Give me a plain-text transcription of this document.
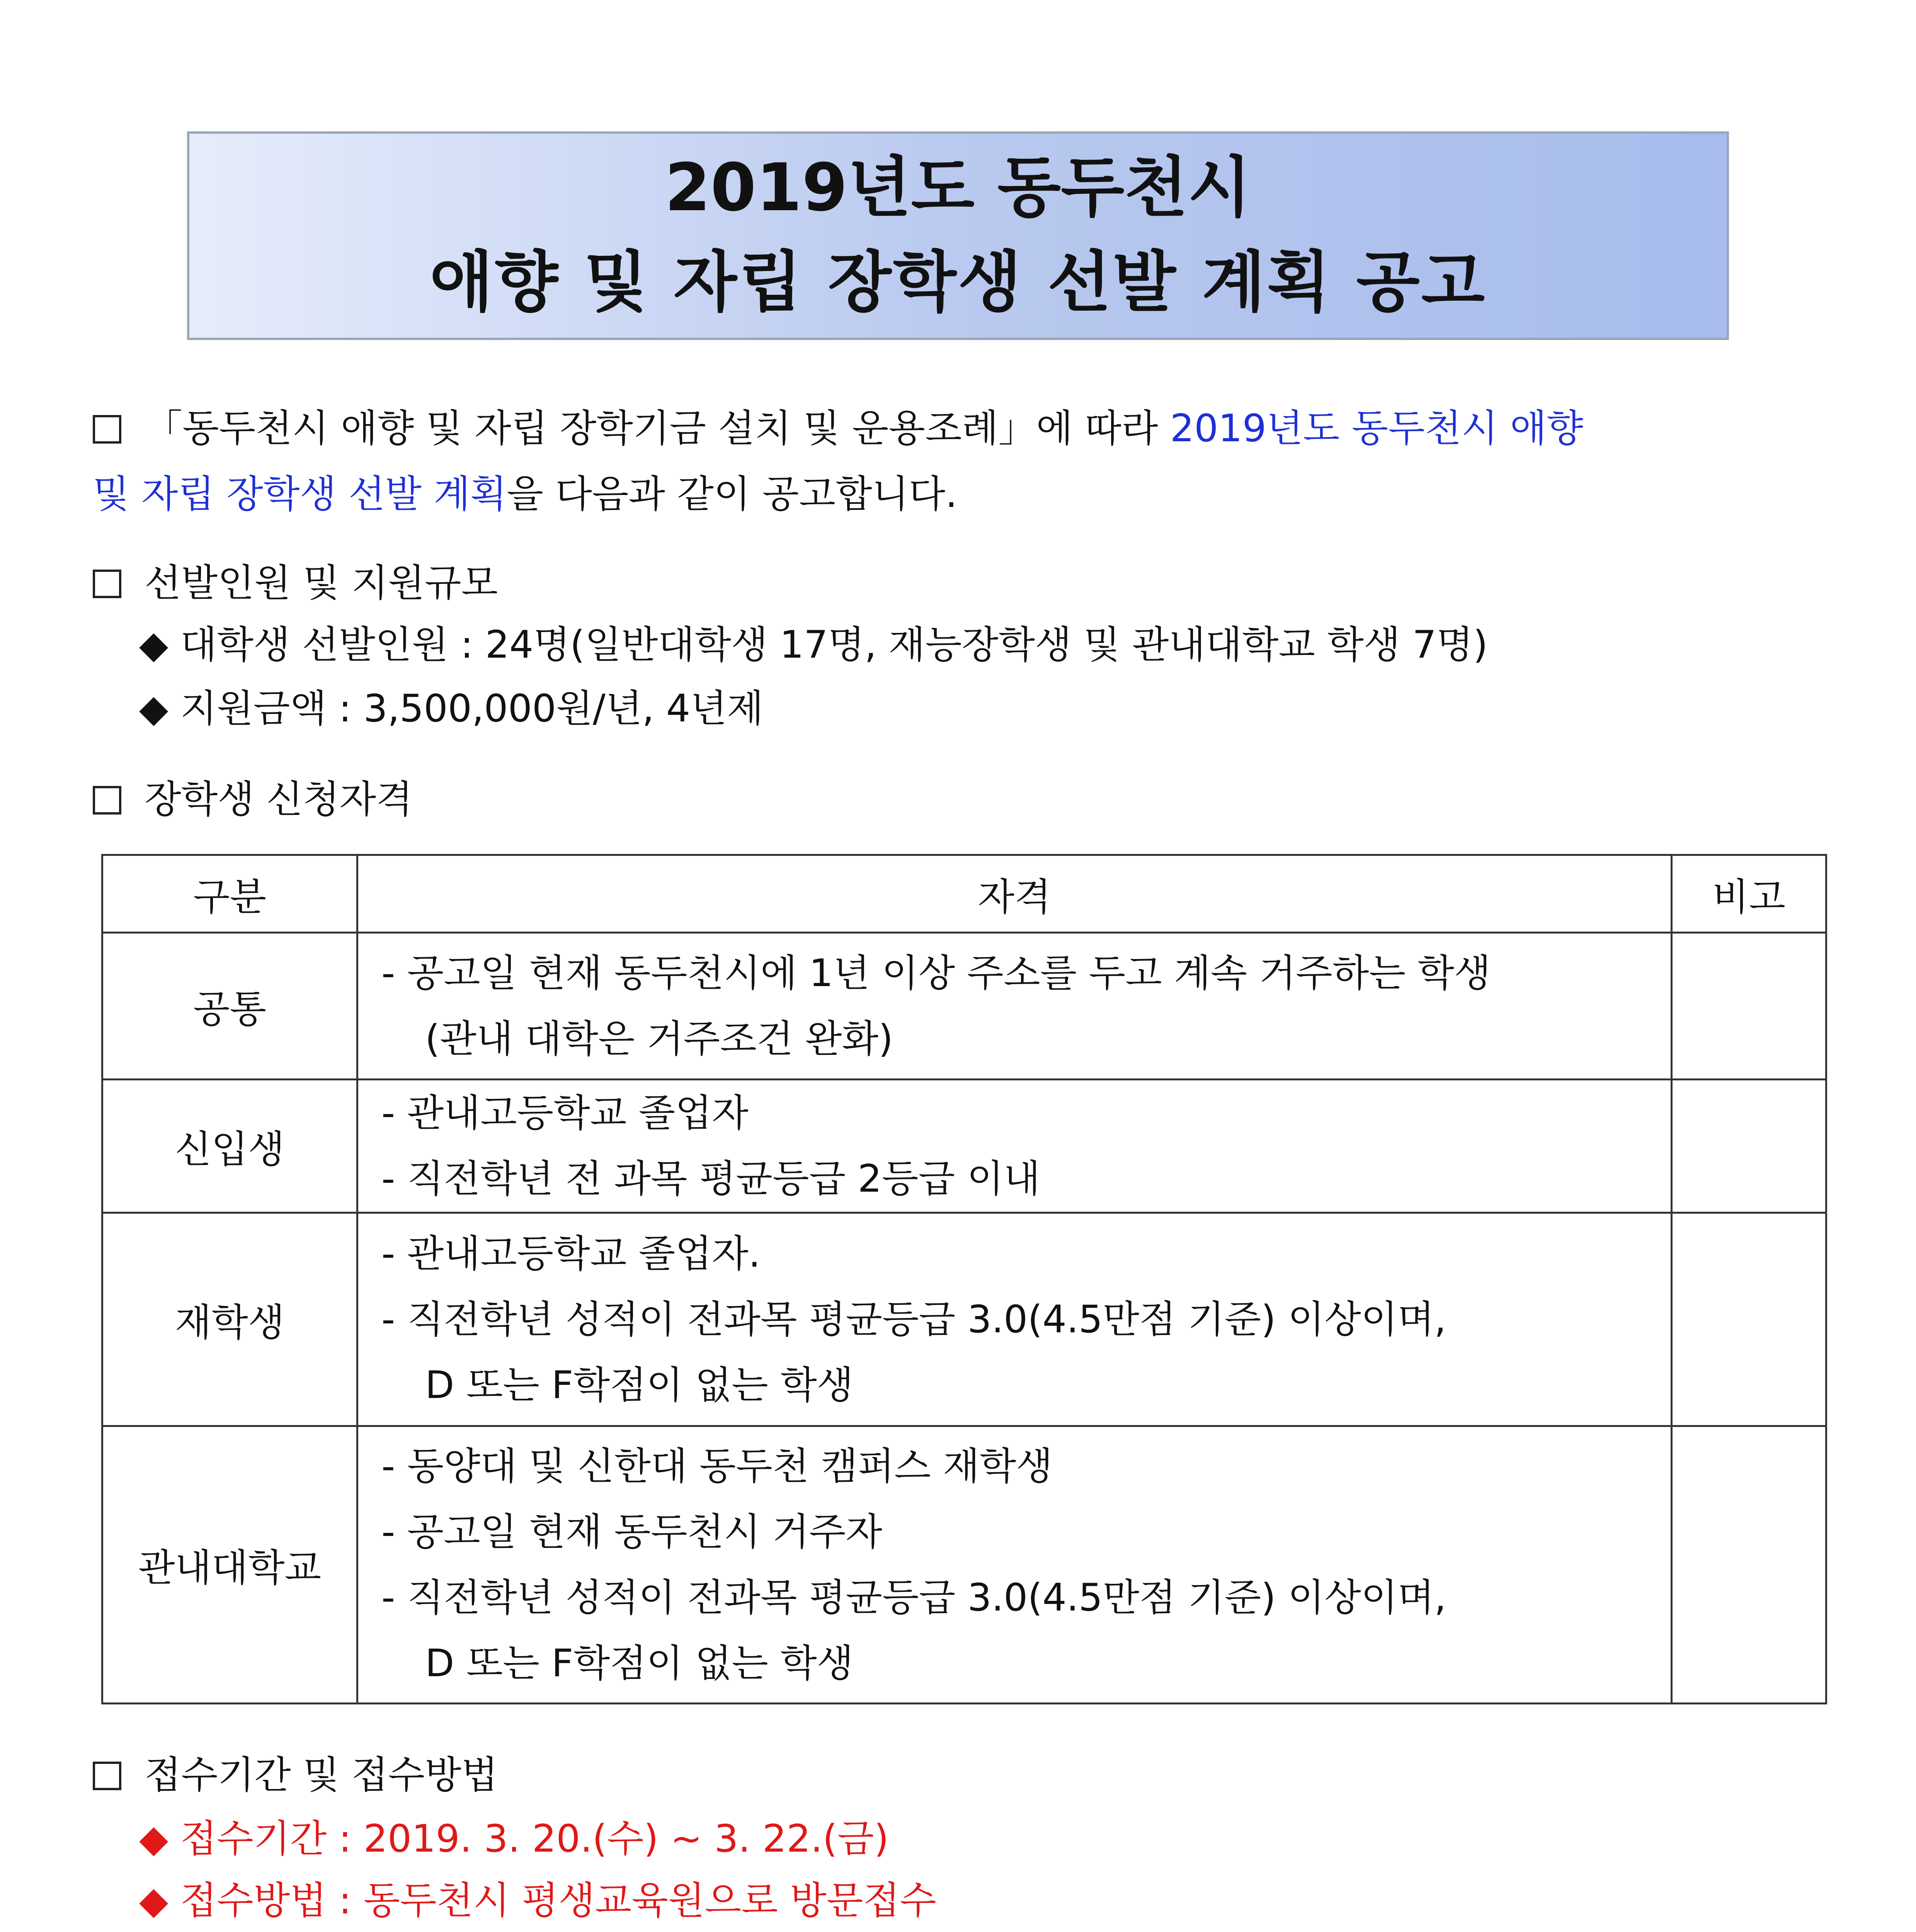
2019년도 동두천시
애향 및 자립 장학생 선발 계획 공고
「동두천시 애향 및 자립 장학기금 설치 및 운용조례」에 따라 2019년도 동두천시 애향
및 자립 장학생 선발 계획을 다음과 같이 공고합니다.
선발인원 및 지원규모
◆ 대학생 선발인원 : 24명(일반대학생 17명, 재능장학생 및 관내대학교 학생 7명)
◆ 지원금액 : 3,500,000원/년, 4년제
장학생 신청자격
구분	자격	비고
공통	- 공고일 현재 동두천시에 1년 이상 주소를 두고 계속 거주하는 학생
(관내 대학은 거주조건 완화)	

신입생	- 관내고등학교 졸업자
- 직전학년 전 과목 평균등급 2등급 이내	

재학생	- 관내고등학교 졸업자.
- 직전학년 성적이 전과목 평균등급 3.0(4.5만점 기준) 이상이며,
D 또는 F학점이 없는 학생	

관내대학교	- 동양대 및 신한대 동두천 캠퍼스 재학생
- 공고일 현재 동두천시 거주자
- 직전학년 성적이 전과목 평균등급 3.0(4.5만점 기준) 이상이며,
D 또는 F학점이 없는 학생	

접수기간 및 접수방법
◆ 접수기간 : 2019. 3. 20.(수) ~ 3. 22.(금)
◆ 접수방법 : 동두천시 평생교육원으로 방문접수
